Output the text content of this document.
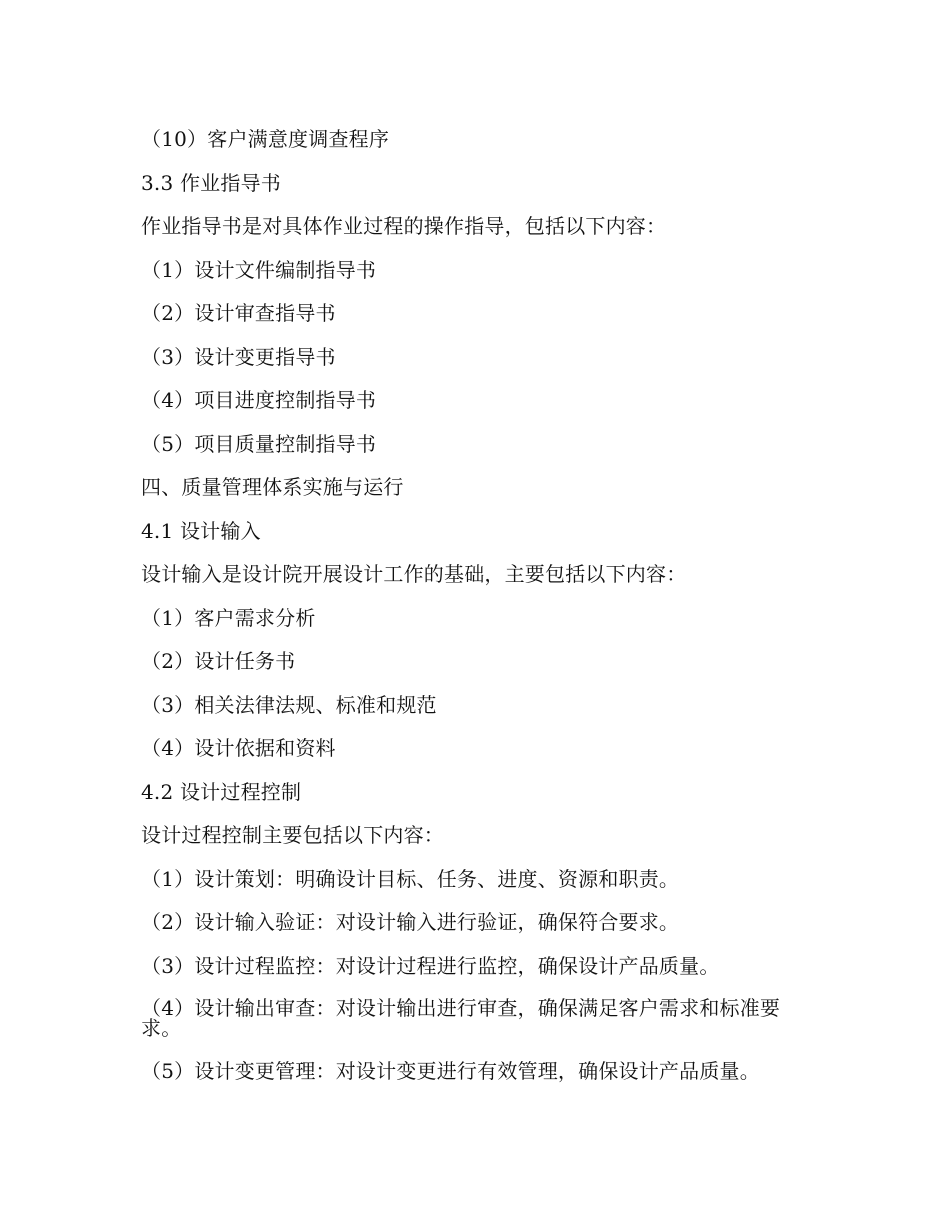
（10）客户满意度调查程序

3.3 作业指导书

作业指导书是对具体作业过程的操作指导，包括以下内容：

（1）设计文件编制指导书

（2）设计审查指导书

（3）设计变更指导书

（4）项目进度控制指导书

（5）项目质量控制指导书

四、质量管理体系实施与运行

4.1 设计输入

设计输入是设计院开展设计工作的基础，主要包括以下内容：

（1）客户需求分析

（2）设计任务书

（3）相关法律法规、标准和规范

（4）设计依据和资料

4.2 设计过程控制

设计过程控制主要包括以下内容：

（1）设计策划：明确设计目标、任务、进度、资源和职责。

（2）设计输入验证：对设计输入进行验证，确保符合要求。

（3）设计过程监控：对设计过程进行监控，确保设计产品质量。

（4）设计输出审查：对设计输出进行审查，确保满足客户需求和标准要求。

（5）设计变更管理：对设计变更进行有效管理，确保设计产品质量。
